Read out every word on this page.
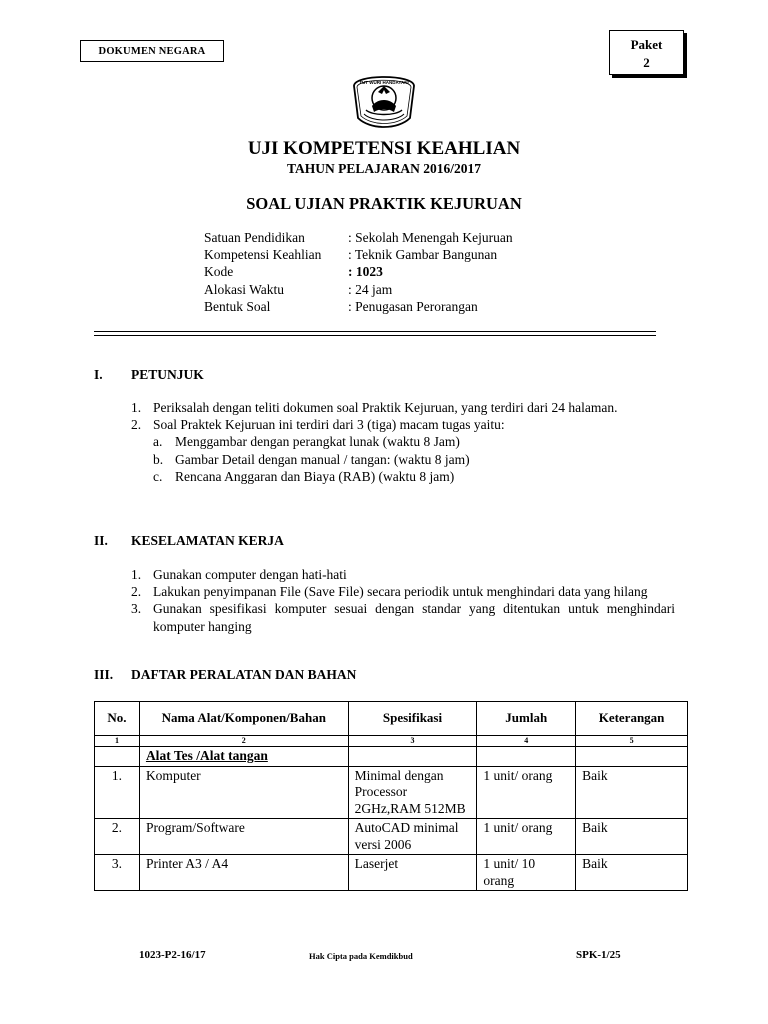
DOKUMEN NEGARA	Paket
2
TUT WURI HANDAYANI
UJI KOMPETENSI KEAHLIAN
TAHUN PELAJARAN 2016/2017
SOAL UJIAN PRAKTIK KEJURUAN
Satuan Pendidikan	: Sekolah Menengah Kejuruan
Kompetensi Keahlian	: Teknik Gambar Bangunan
Kode	: 1023
Alokasi Waktu	: 24 jam
Bentuk Soal	: Penugasan Perorangan
I. PETUNJUK
1. Periksalah dengan teliti dokumen soal Praktik Kejuruan, yang terdiri dari 24 halaman.
2. Soal Praktek Kejuruan ini terdiri dari 3 (tiga) macam tugas yaitu:
a. Menggambar dengan perangkat lunak (waktu 8 Jam)
b. Gambar Detail dengan manual / tangan: (waktu 8 jam)
c. Rencana Anggaran dan Biaya (RAB) (waktu 8 jam)
II. KESELAMATAN KERJA
1. Gunakan computer dengan hati-hati
2. Lakukan penyimpanan File (Save File) secara periodik untuk menghindari data yang hilang
3. Gunakan spesifikasi komputer sesuai dengan standar yang ditentukan untuk menghindari komputer hanging
III. DAFTAR PERALATAN DAN BAHAN
No.	Nama Alat/Komponen/Bahan	Spesifikasi	Jumlah	Keterangan
1	2	3	4	5
	Alat Tes /Alat tangan			
1.	Komputer	Minimal dengan Processor 2GHz,RAM 512MB	1 unit/ orang	Baik
2.	Program/Software	AutoCAD minimal versi 2006	1 unit/ orang	Baik
3.	Printer A3 / A4	Laserjet	1 unit/ 10 orang	Baik
1023-P2-16/17	Hak Cipta pada Kemdikbud	SPK-1/25
